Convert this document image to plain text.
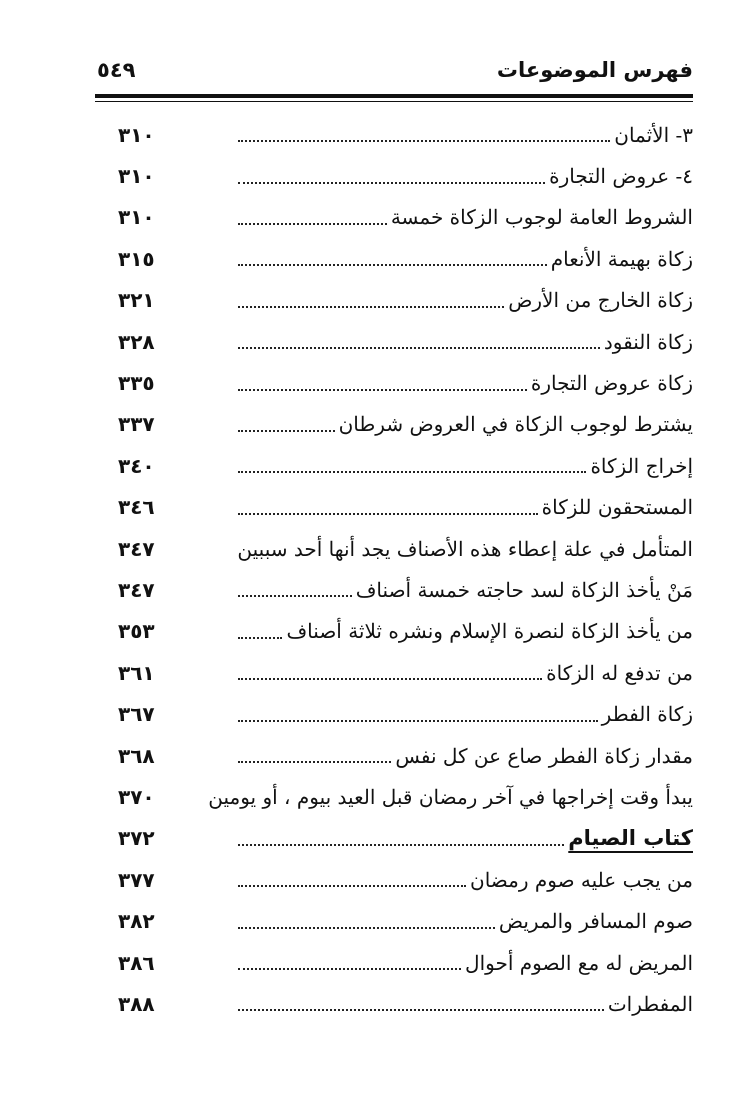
فهرس الموضوعات
٥٤٩
٣- الأثمان
٣١٠
٤- عروض التجارة
٣١٠
الشروط العامة لوجوب الزكاة خمسة
٣١٠
زكاة بهيمة الأنعام
٣١٥
زكاة الخارج من الأرض
٣٢١
زكاة النقود
٣٢٨
زكاة عروض التجارة
٣٣٥
يشترط لوجوب الزكاة في العروض شرطان
٣٣٧
إخراج الزكاة
٣٤٠
المستحقون للزكاة
٣٤٦
المتأمل في علة إعطاء هذه الأصناف يجد أنها أحد سببين
٣٤٧
مَنْ يأخذ الزكاة لسد حاجته خمسة أصناف
٣٤٧
من يأخذ الزكاة لنصرة الإسلام ونشره ثلاثة أصناف
٣٥٣
من تدفع له الزكاة
٣٦١
زكاة الفطر
٣٦٧
مقدار زكاة الفطر صاع عن كل نفس
٣٦٨
يبدأ وقت إخراجها في آخر رمضان قبل العيد بيوم ، أو يومين
٣٧٠
كتاب الصيام
٣٧٢
من يجب عليه صوم رمضان
٣٧٧
صوم المسافر والمريض
٣٨٢
المريض له مع الصوم أحوال
٣٨٦
المفطرات
٣٨٨
